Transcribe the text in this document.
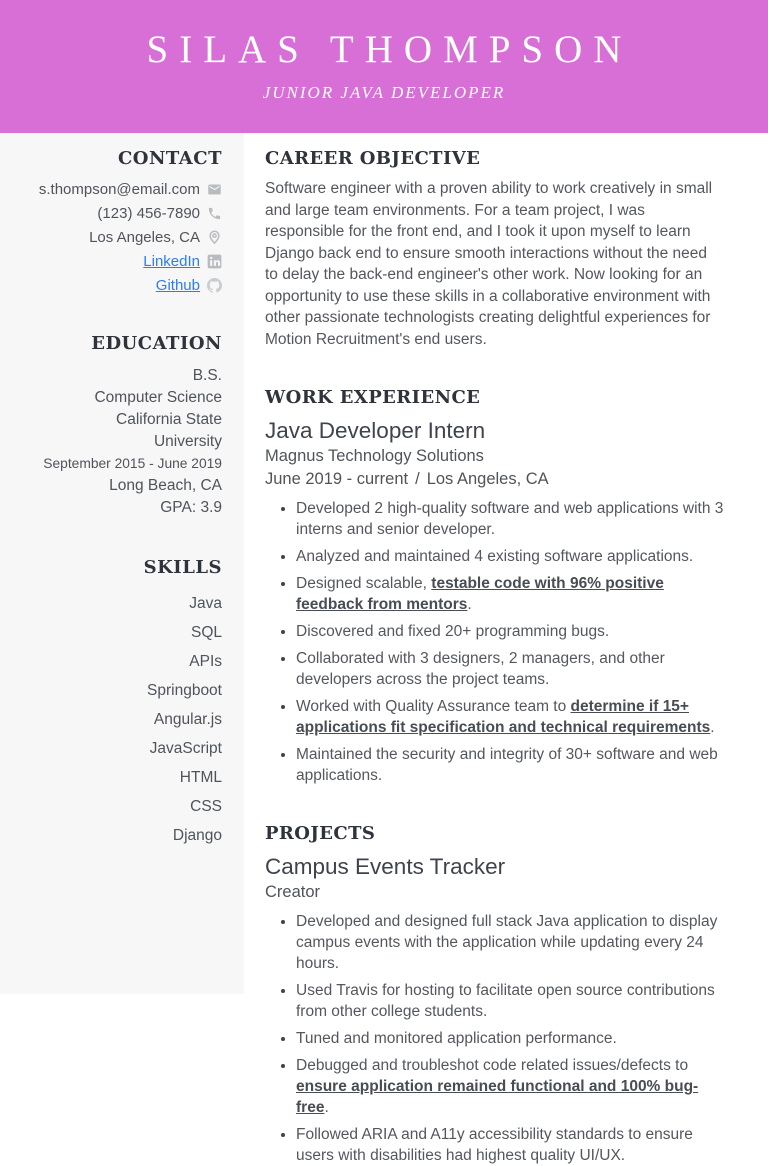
SILAS THOMPSON
JUNIOR JAVA DEVELOPER
CONTACT
s.thompson@email.com
(123) 456-7890
Los Angeles, CA
LinkedIn
Github
EDUCATION
B.S.
Computer Science
California State University
September 2015 - June 2019
Long Beach, CA
GPA: 3.9
SKILLS
Java
SQL
APIs
Springboot
Angular.js
JavaScript
HTML
CSS
Django
CAREER OBJECTIVE

Software engineer with a proven ability to work creatively in small and large team environments. For a team project, I was responsible for the front end, and I took it upon myself to learn Django back end to ensure smooth interactions without the need to delay the back-end engineer's other work. Now looking for an opportunity to use these skills in a collaborative environment with other passionate technologists creating delightful experiences for Motion Recruitment's end users.

WORK EXPERIENCE
Java Developer Intern
Magnus Technology Solutions
June 2019 - current / Los Angeles, CA
• Developed 2 high-quality software and web applications with 3 interns and senior developer.
• Analyzed and maintained 4 existing software applications.
• Designed scalable, testable code with 96% positive feedback from mentors.
• Discovered and fixed 20+ programming bugs.
• Collaborated with 3 designers, 2 managers, and other developers across the project teams.
• Worked with Quality Assurance team to determine if 15+ applications fit specification and technical requirements.
• Maintained the security and integrity of 30+ software and web applications.
PROJECTS
Campus Events Tracker
Creator
• Developed and designed full stack Java application to display campus events with the application while updating every 24 hours.
• Used Travis for hosting to facilitate open source contributions from other college students.
• Tuned and monitored application performance.
• Debugged and troubleshot code related issues/defects to ensure application remained functional and 100% bug-free.
• Followed ARIA and A11y accessibility standards to ensure users with disabilities had highest quality UI/UX.
